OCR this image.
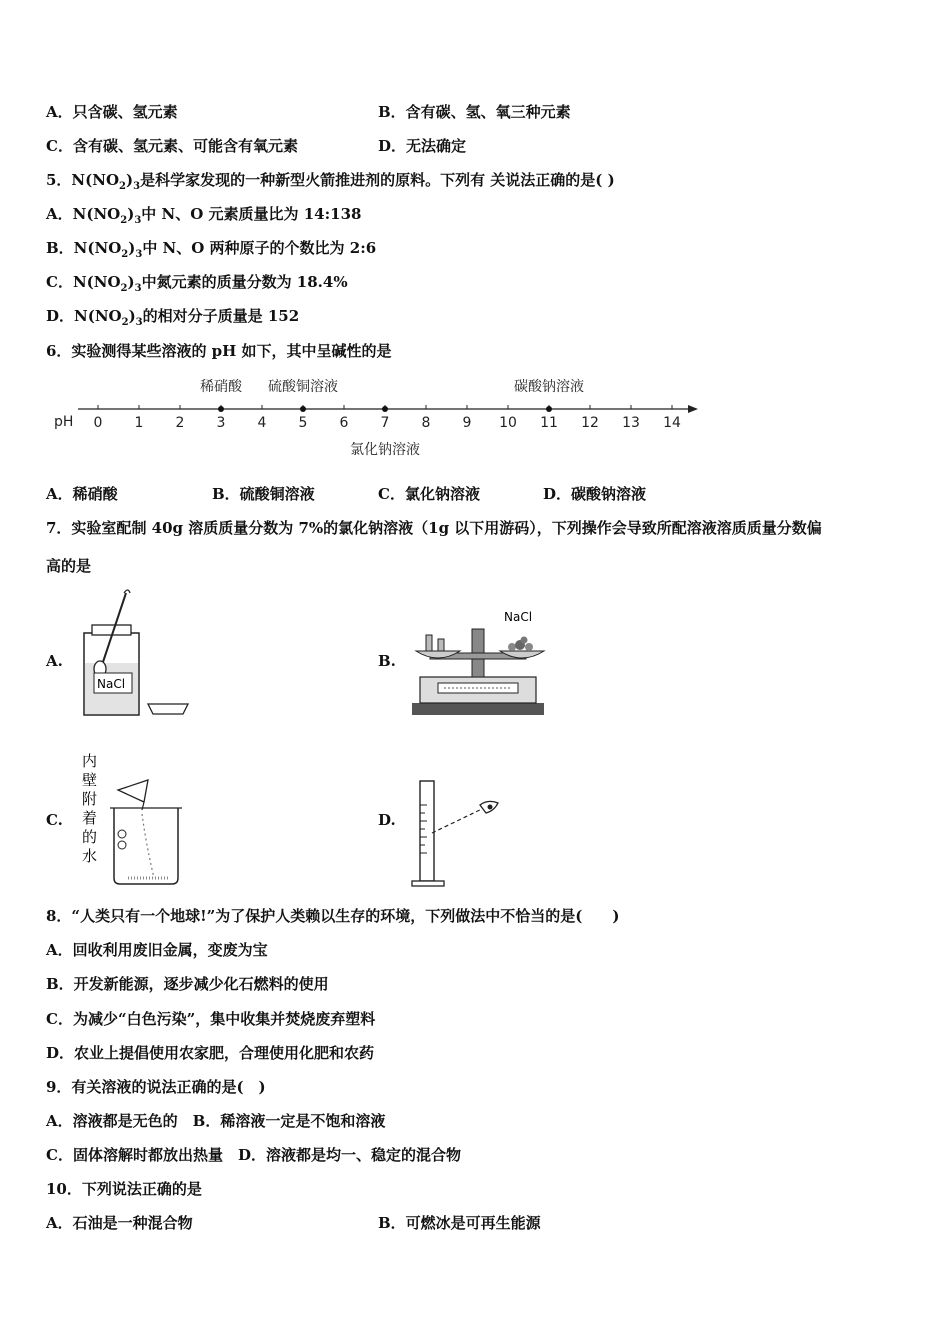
A．只含碳、氢元素	B．含有碳、氢、氧三种元素
C．含有碳、氢元素、可能含有氧元素	D．无法确定
5．$N(NO_2)_3$是科学家发现的一种新型火箭推进剂的原料。下列有 关说法正确的是( )
A．$N(NO_2)_3$中 N、O 元素质量比为 14:138
B．$N(NO_2)_3$中 N、O 两种原子的个数比为 2:6
C．$N(NO_2)_3$中氮元素的质量分数为 18.4%
D．$N(NO_2)_3$的相对分子质量是 152
6．实验测得某些溶液的 pH 如下，其中呈碱性的是
pH 0 1 2 3 4 5 6 7 8 9 10 11 12 13 14
稀硝酸 硫酸铜溶液
氯化钠溶液
碳酸钠溶液
A．稀硝酸	B．硫酸铜溶液	C．氯化钠溶液	D．碳酸钠溶液
7．实验室配制 40g 溶质质量分数为 7%的氯化钠溶液（1g 以下用游码），下列操作会导致所配溶液溶质质量分数偏
高的是
A.	B.
C.	D.
NaCl
NaCl
内
壁
附
着
的
水
8．“人类只有一个地球!”为了保护人类赖以生存的环境，下列做法中不恰当的是(　　)
A．回收利用废旧金属，变废为宝
B．开发新能源，逐步减少化石燃料的使用
C．为减少“白色污染”，集中收集并焚烧废弃塑料
D．农业上提倡使用农家肥，合理使用化肥和农药
9．有关溶液的说法正确的是(　)
A．溶液都是无色的　B．稀溶液一定是不饱和溶液
C．固体溶解时都放出热量　D．溶液都是均一、稳定的混合物
10．下列说法正确的是
A．石油是一种混合物	B．可燃冰是可再生能源
